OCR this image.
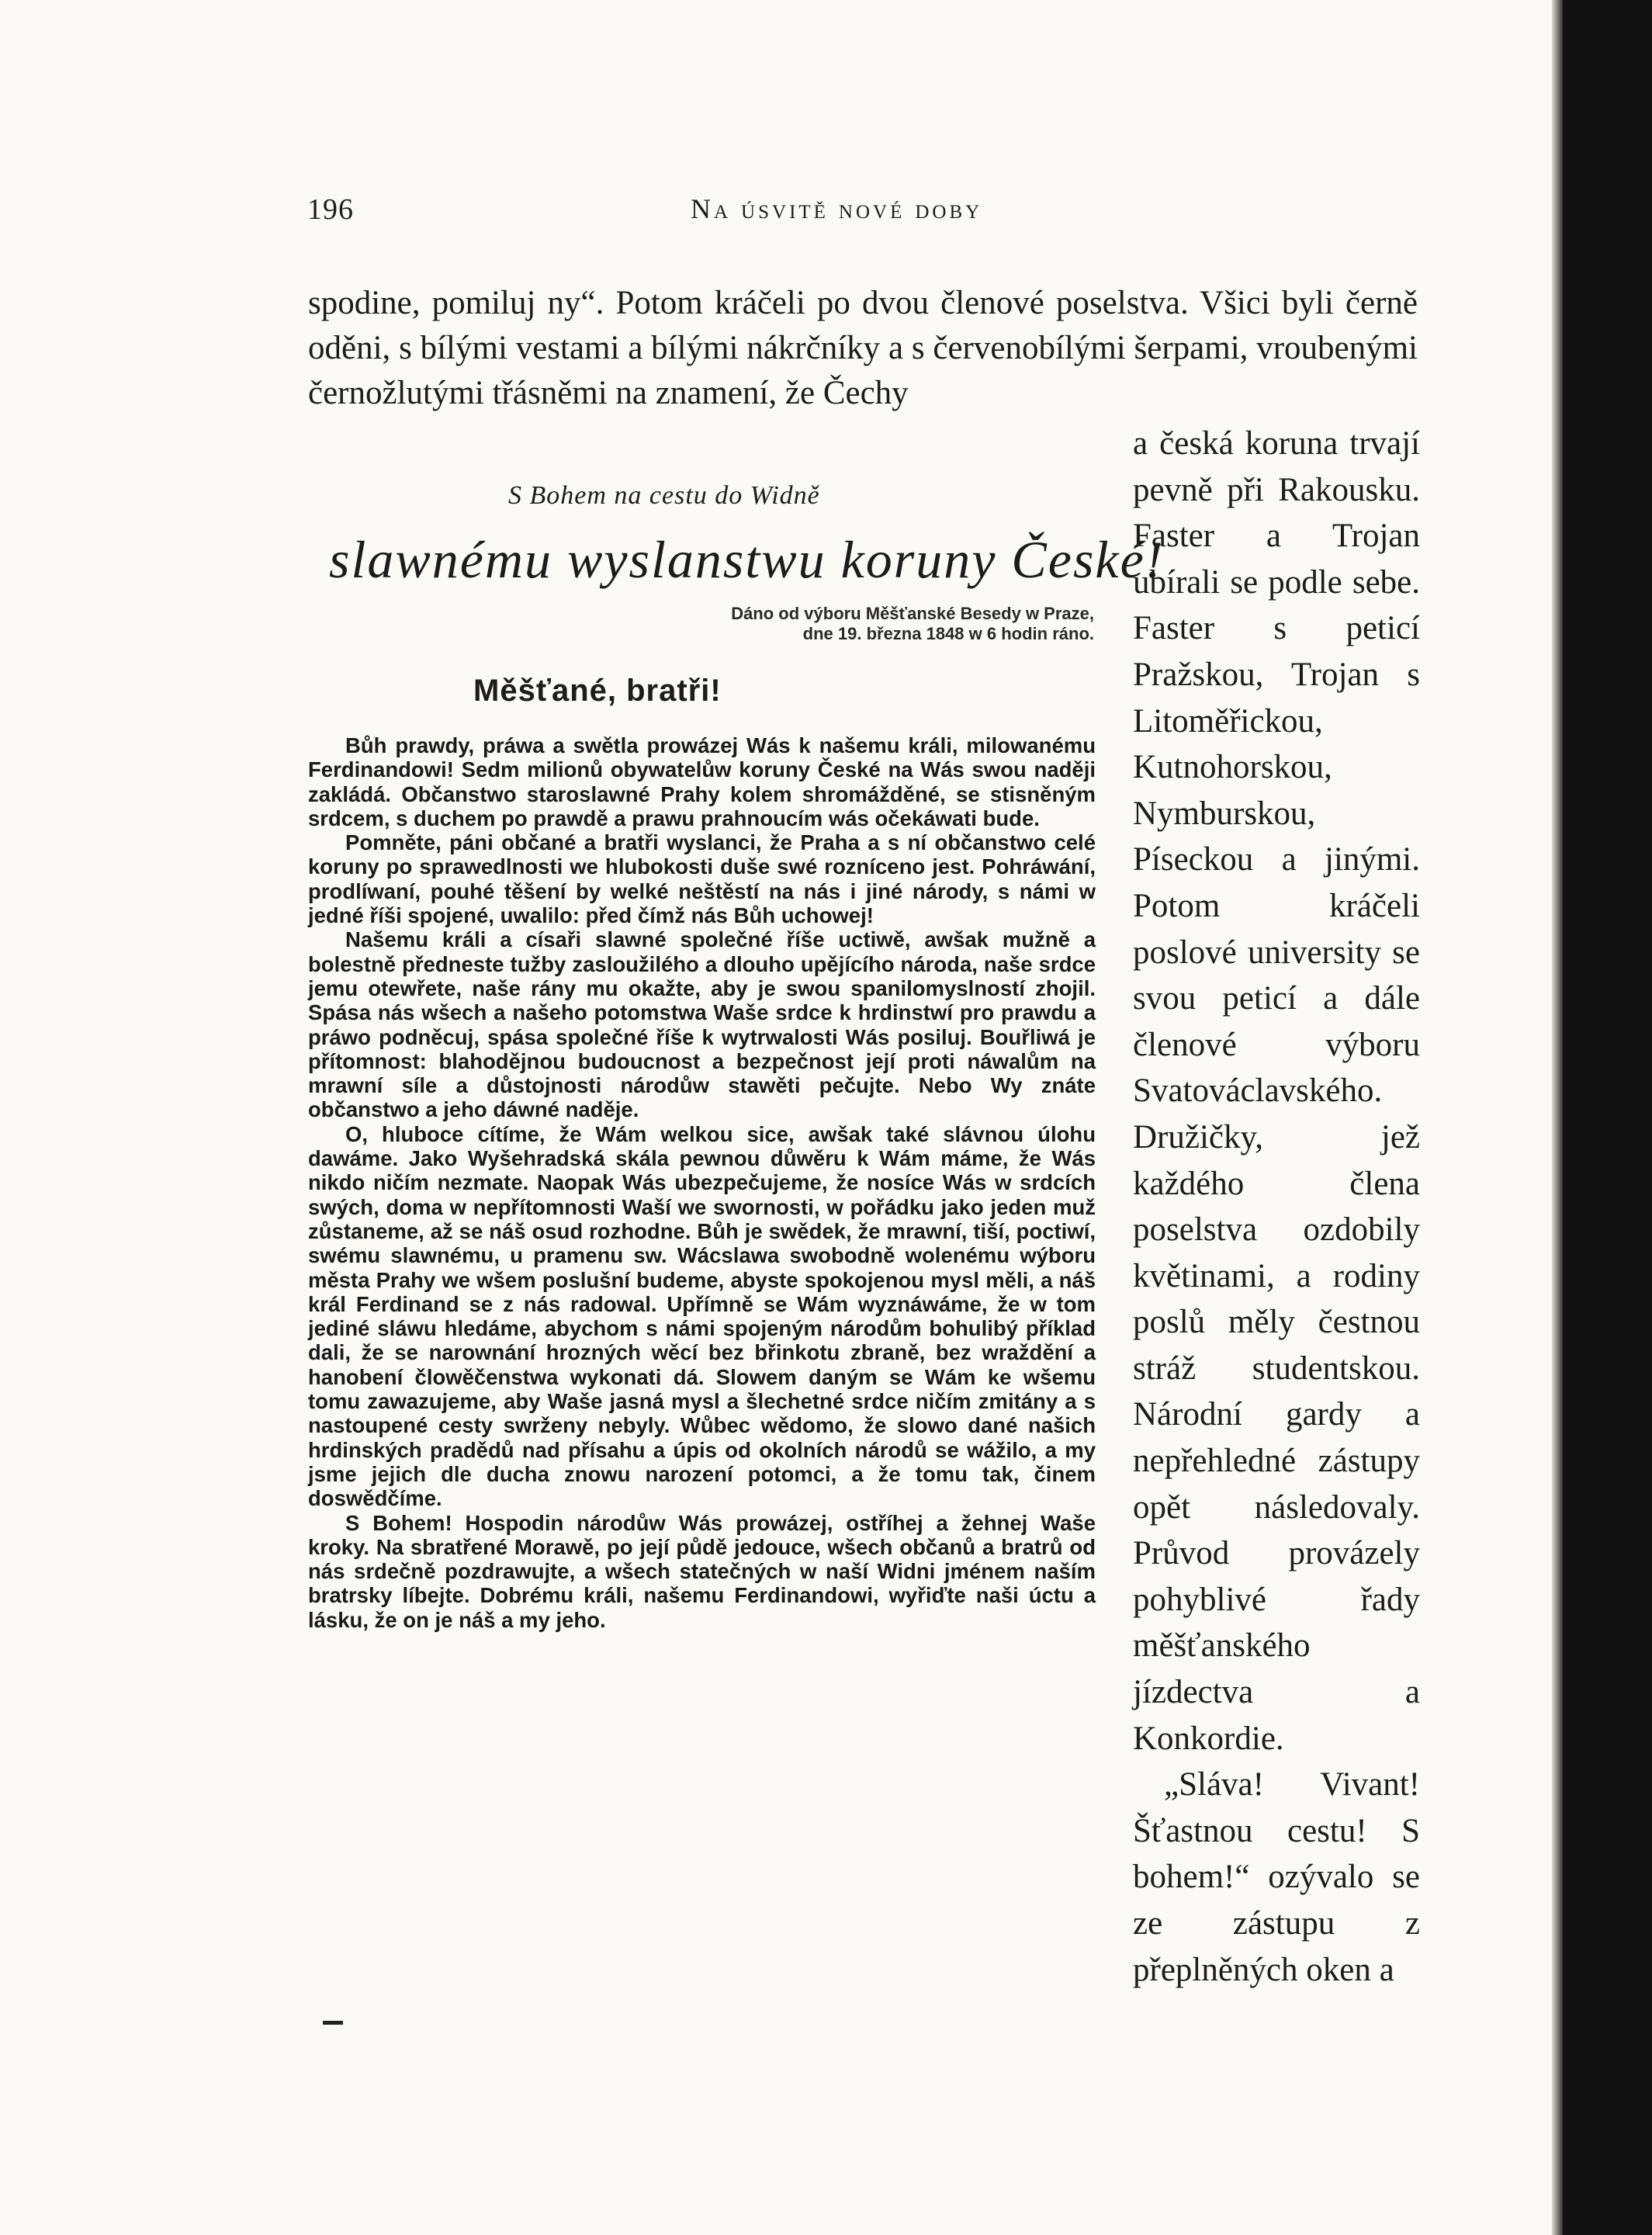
196	Na úsvitě nové doby

spodine, pomiluj ny“. Potom kráčeli po dvou členové poselstva. Všici byli černě oděni, s bílými vestami a bílými nákrčníky a s červenobílými šerpami, vroubenými černožlutými třásněmi na znamení, že Čechy

S Bohem na cestu do Widně
slawnému wyslanstwu koruny České!

Dáno od výboru Měšťanské Besedy w Praze,
dne 19. března 1848 w 6 hodin ráno.

Měšťané, bratři!

Bůh prawdy, práwa a swětla prowázej Wás k našemu králi, milowanému Ferdinandowi! Sedm milionů obywatelůw koruny České na Wás swou naději zakládá. Občanstwo staroslawné Prahy kolem shromážděné, se stisněným srdcem, s duchem po prawdě a prawu prahnoucím wás očekáwati bude.

Pomněte, páni občané a bratři wyslanci, že Praha a s ní občanstwo celé koruny po sprawedlnosti we hlubokosti duše swé rozníceno jest. Pohráwání, prodlíwaní, pouhé těšení by welké neštěstí na nás i jiné národy, s námi w jedné říši spojené, uwalilo: před čímž nás Bůh uchowej!

Našemu králi a císaři slawné společné říše uctiwě, awšak mužně a bolestně předneste tužby zasloužilého a dlouho upějícího národa, naše srdce jemu otewřete, naše rány mu okažte, aby je swou spanilomyslností zhojil. Spása nás wšech a našeho potomstwa Waše srdce k hrdinstwí pro prawdu a práwo podněcuj, spása společné říše k wytrwalosti Wás posiluj. Bouřliwá je přítomnost: blahodějnou budoucnost a bezpečnost její proti náwalům na mrawní síle a důstojnosti národůw stawěti pečujte. Nebo Wy znáte občanstwo a jeho dáwné naděje.

O, hluboce cítíme, že Wám welkou sice, awšak také slávnou úlohu dawáme. Jako Wyšehradská skála pewnou důwěru k Wám máme, že Wás nikdo ničím nezmate. Naopak Wás ubezpečujeme, že nosíce Wás w srdcích swých, doma w nepřítomnosti Waší we swornosti, w pořádku jako jeden muž zůstaneme, až se náš osud rozhodne. Bůh je swědek, že mrawní, tiší, poctiwí, swému slawnému, u pramenu sw. Wácslawa swobodně wolenému wýboru města Prahy we wšem poslušní budeme, abyste spokojenou mysl měli, a náš král Ferdinand se z nás radowal. Upřímně se Wám wyznáwáme, že w tom jediné sláwu hledáme, abychom s námi spojeným národům bohulibý příklad dali, že se narownání hrozných wěcí bez břinkotu zbraně, bez wraždění a hanobení člowěčenstwa wykonati dá. Slowem daným se Wám ke wšemu tomu zawazujeme, aby Waše jasná mysl a šlechetné srdce ničím zmitány a s nastoupené cesty swrženy nebyly. Wůbec wědomo, že slowo dané našich hrdinských pradědů nad přísahu a úpis od okolních národů se wážilo, a my jsme jejich dle ducha znowu narození potomci, a že tomu tak, činem doswědčíme.

S Bohem! Hospodin národůw Wás prowázej, ostříhej a žehnej Waše kroky. Na sbratřené Morawě, po její půdě jedouce, wšech občanů a bratrů od nás srdečně pozdrawujte, a wšech statečných w naší Widni jménem naším bratrsky líbejte. Dobrému králi, našemu Ferdinandowi, wyřiďte naši úctu a lásku, že on je náš a my jeho.

a česká koruna trvají pevně při Rakousku. Faster a Trojan ubírali se podle sebe. Faster s peticí Pražskou, Trojan s Litoměřickou, Kutnohorskou, Nymburskou, Píseckou a jinými. Potom kráčeli poslové university se svou peticí a dále členové výboru Svatováclavského. Družičky, jež každého člena poselstva ozdobily květinami, a rodiny poslů měly čestnou stráž studentskou. Národní gardy a nepřehledné zástupy opět následovaly. Průvod provázely pohyblivé řady měšťanského jízdectva a Konkordie.
„Sláva! Vivant! Šťastnou cestu! S bohem!“ ozývalo se ze zástupu z přeplněných oken a
